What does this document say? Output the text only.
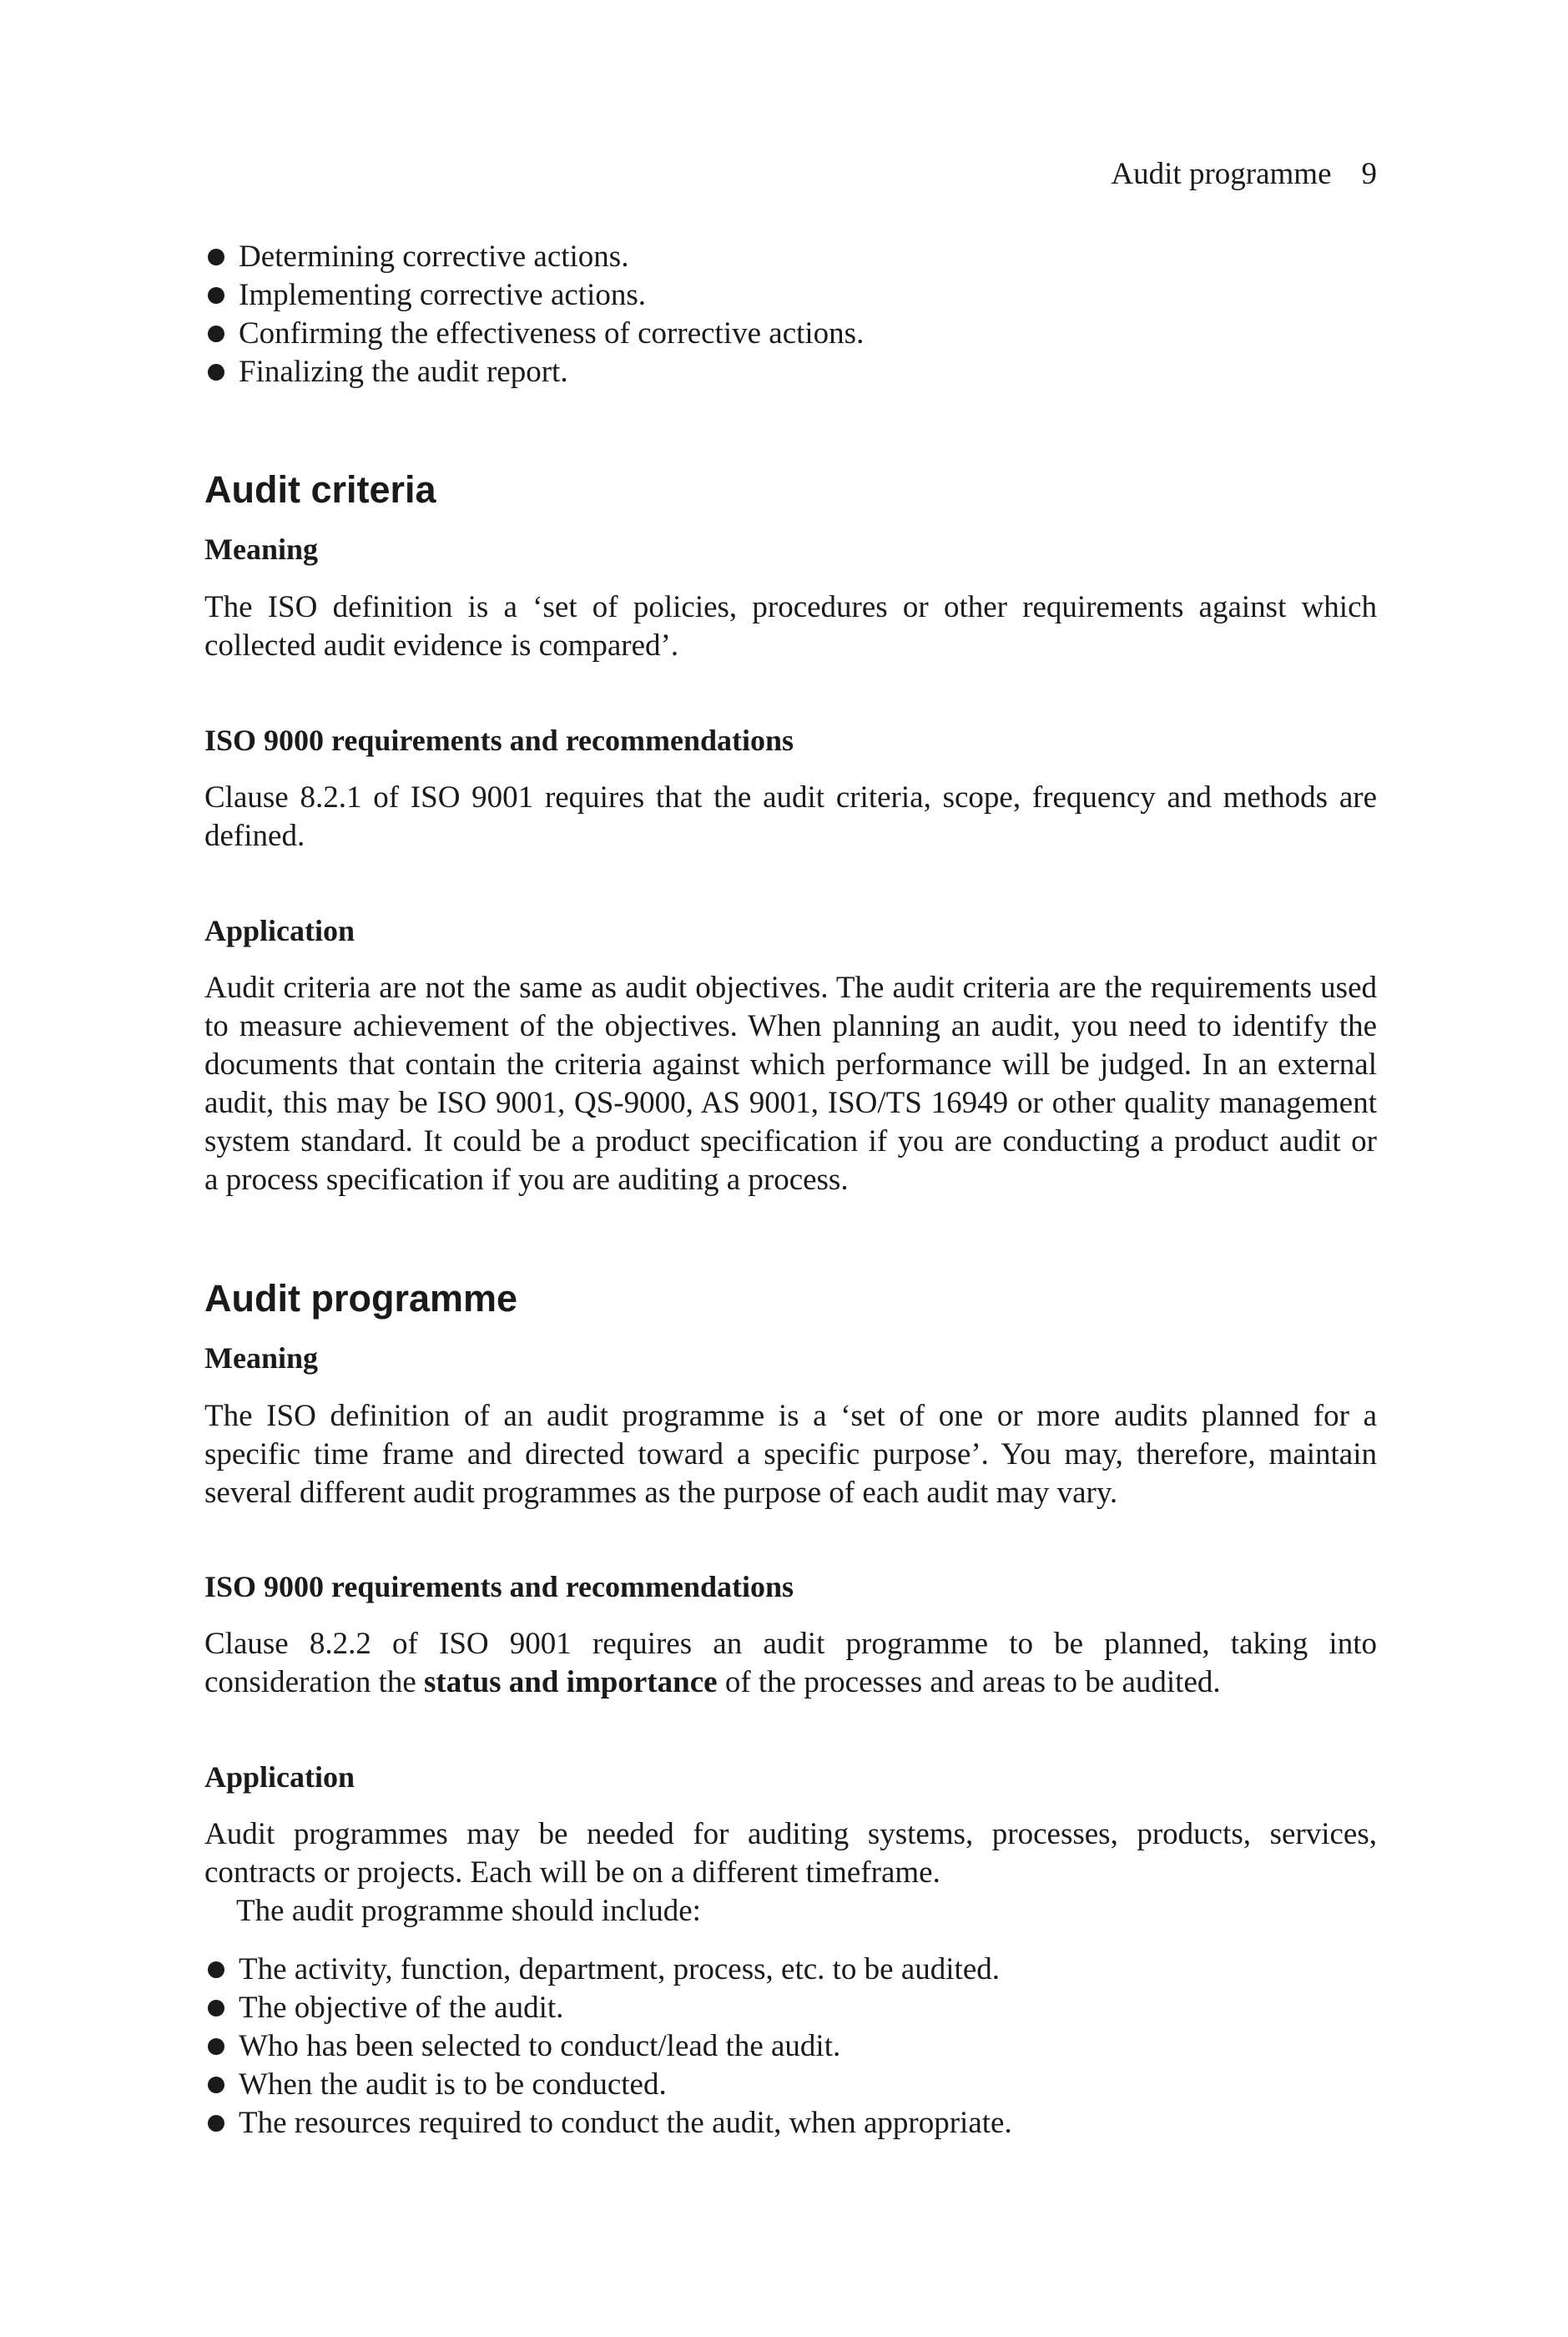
Audit programme 9
Determining corrective actions.
Implementing corrective actions.
Confirming the effectiveness of corrective actions.
Finalizing the audit report.
Audit criteria
Meaning
The ISO definition is a ‘set of policies, procedures or other requirements against which
collected audit evidence is compared’.
ISO 9000 requirements and recommendations
Clause 8.2.1 of ISO 9001 requires that the audit criteria, scope, frequency and methods are
defined.
Application
Audit criteria are not the same as audit objectives. The audit criteria are the requirements used
to measure achievement of the objectives. When planning an audit, you need to identify the
documents that contain the criteria against which performance will be judged. In an external
audit, this may be ISO 9001, QS-9000, AS 9001, ISO/TS 16949 or other quality management
system standard. It could be a product specification if you are conducting a product audit or
a process specification if you are auditing a process.
Audit programme
Meaning
The ISO definition of an audit programme is a ‘set of one or more audits planned for a
specific time frame and directed toward a specific purpose’. You may, therefore, maintain
several different audit programmes as the purpose of each audit may vary.
ISO 9000 requirements and recommendations
Clause 8.2.2 of ISO 9001 requires an audit programme to be planned, taking into
consideration the status and importance of the processes and areas to be audited.
Application
Audit programmes may be needed for auditing systems, processes, products, services,
contracts or projects. Each will be on a different timeframe.
The audit programme should include:
The activity, function, department, process, etc. to be audited.
The objective of the audit.
Who has been selected to conduct/lead the audit.
When the audit is to be conducted.
The resources required to conduct the audit, when appropriate.
